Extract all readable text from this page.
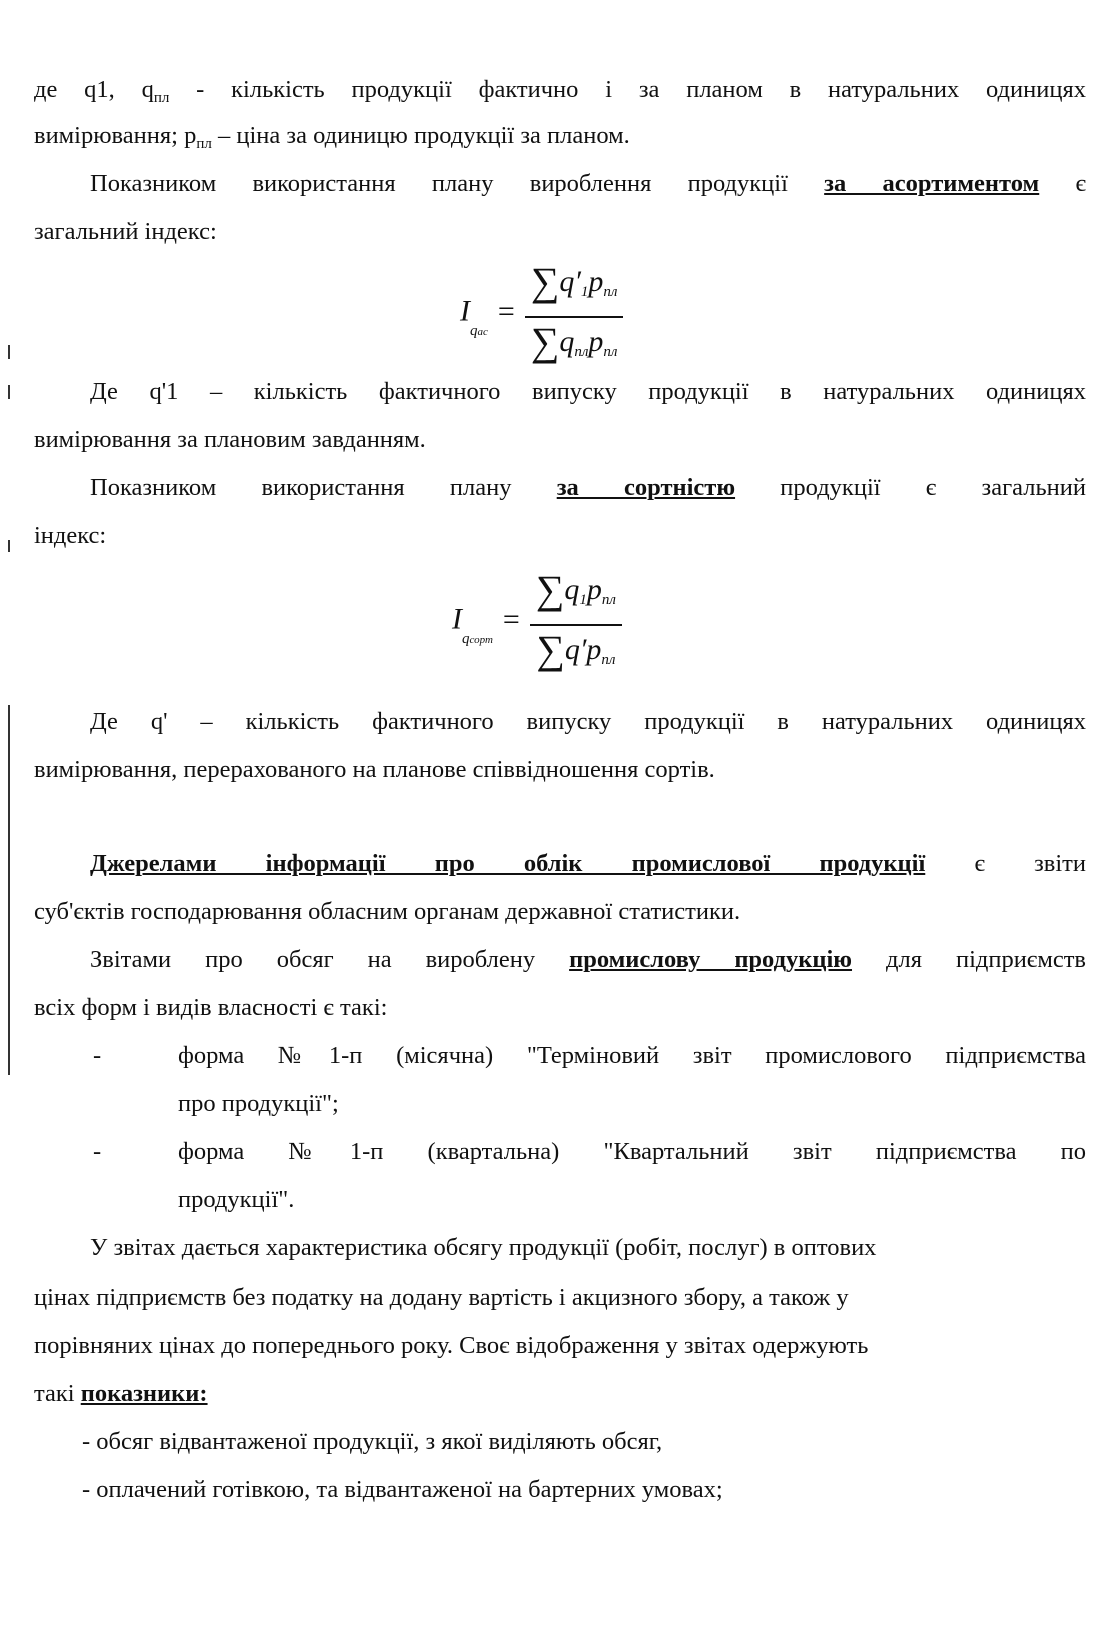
де q1, $q_{пл}$ - кількість продукції фактично і за планом в натуральних одиницях
вимірювання; $p_{пл}$ – ціна за одиницю продукції за планом.
Показником використання плану вироблення продукції за асортиментом є
загальний індекс:
Iqас = $\frac{\sum q'_1p_{пл}}{\sum q_{пл}p_{пл}}$
Де q'1 – кількість фактичного випуску продукції в натуральних одиницях
вимірювання за плановим завданням.
Показником використання плану за сортністю продукції є загальний
індекс:
Iqсорт = $\frac{\sum q_1p_{пл}}{\sum q'p_{пл}}$
Де q' – кількість фактичного випуску продукції в натуральних одиницях
вимірювання, перерахованого на планове співвідношення сортів.
Джерелами інформації про облік промислової продукції є звіти
суб'єктів господарювання обласним органам державної статистики.
Звітами про обсяг на вироблену промислову продукцію для підприємств
всіх форм і видів власності є такі:
-	форма №1-п (місячна) "Терміновий звіт промислового підприємства
про продукції";
-	форма №1-п (квартальна) "Квартальний звіт підприємства по
продукції".
У звітах дається характеристика обсягу продукції (робіт, послуг) в оптових
цінах підприємств без податку на додану вартість і акцизного збору, а також у
порівняних цінах до попереднього року. Своє відображення у звітах одержують
такі показники:
- обсяг відвантаженої продукції, з якої виділяють обсяг,
- оплачений готівкою, та відвантаженої на бартерних умовах;
